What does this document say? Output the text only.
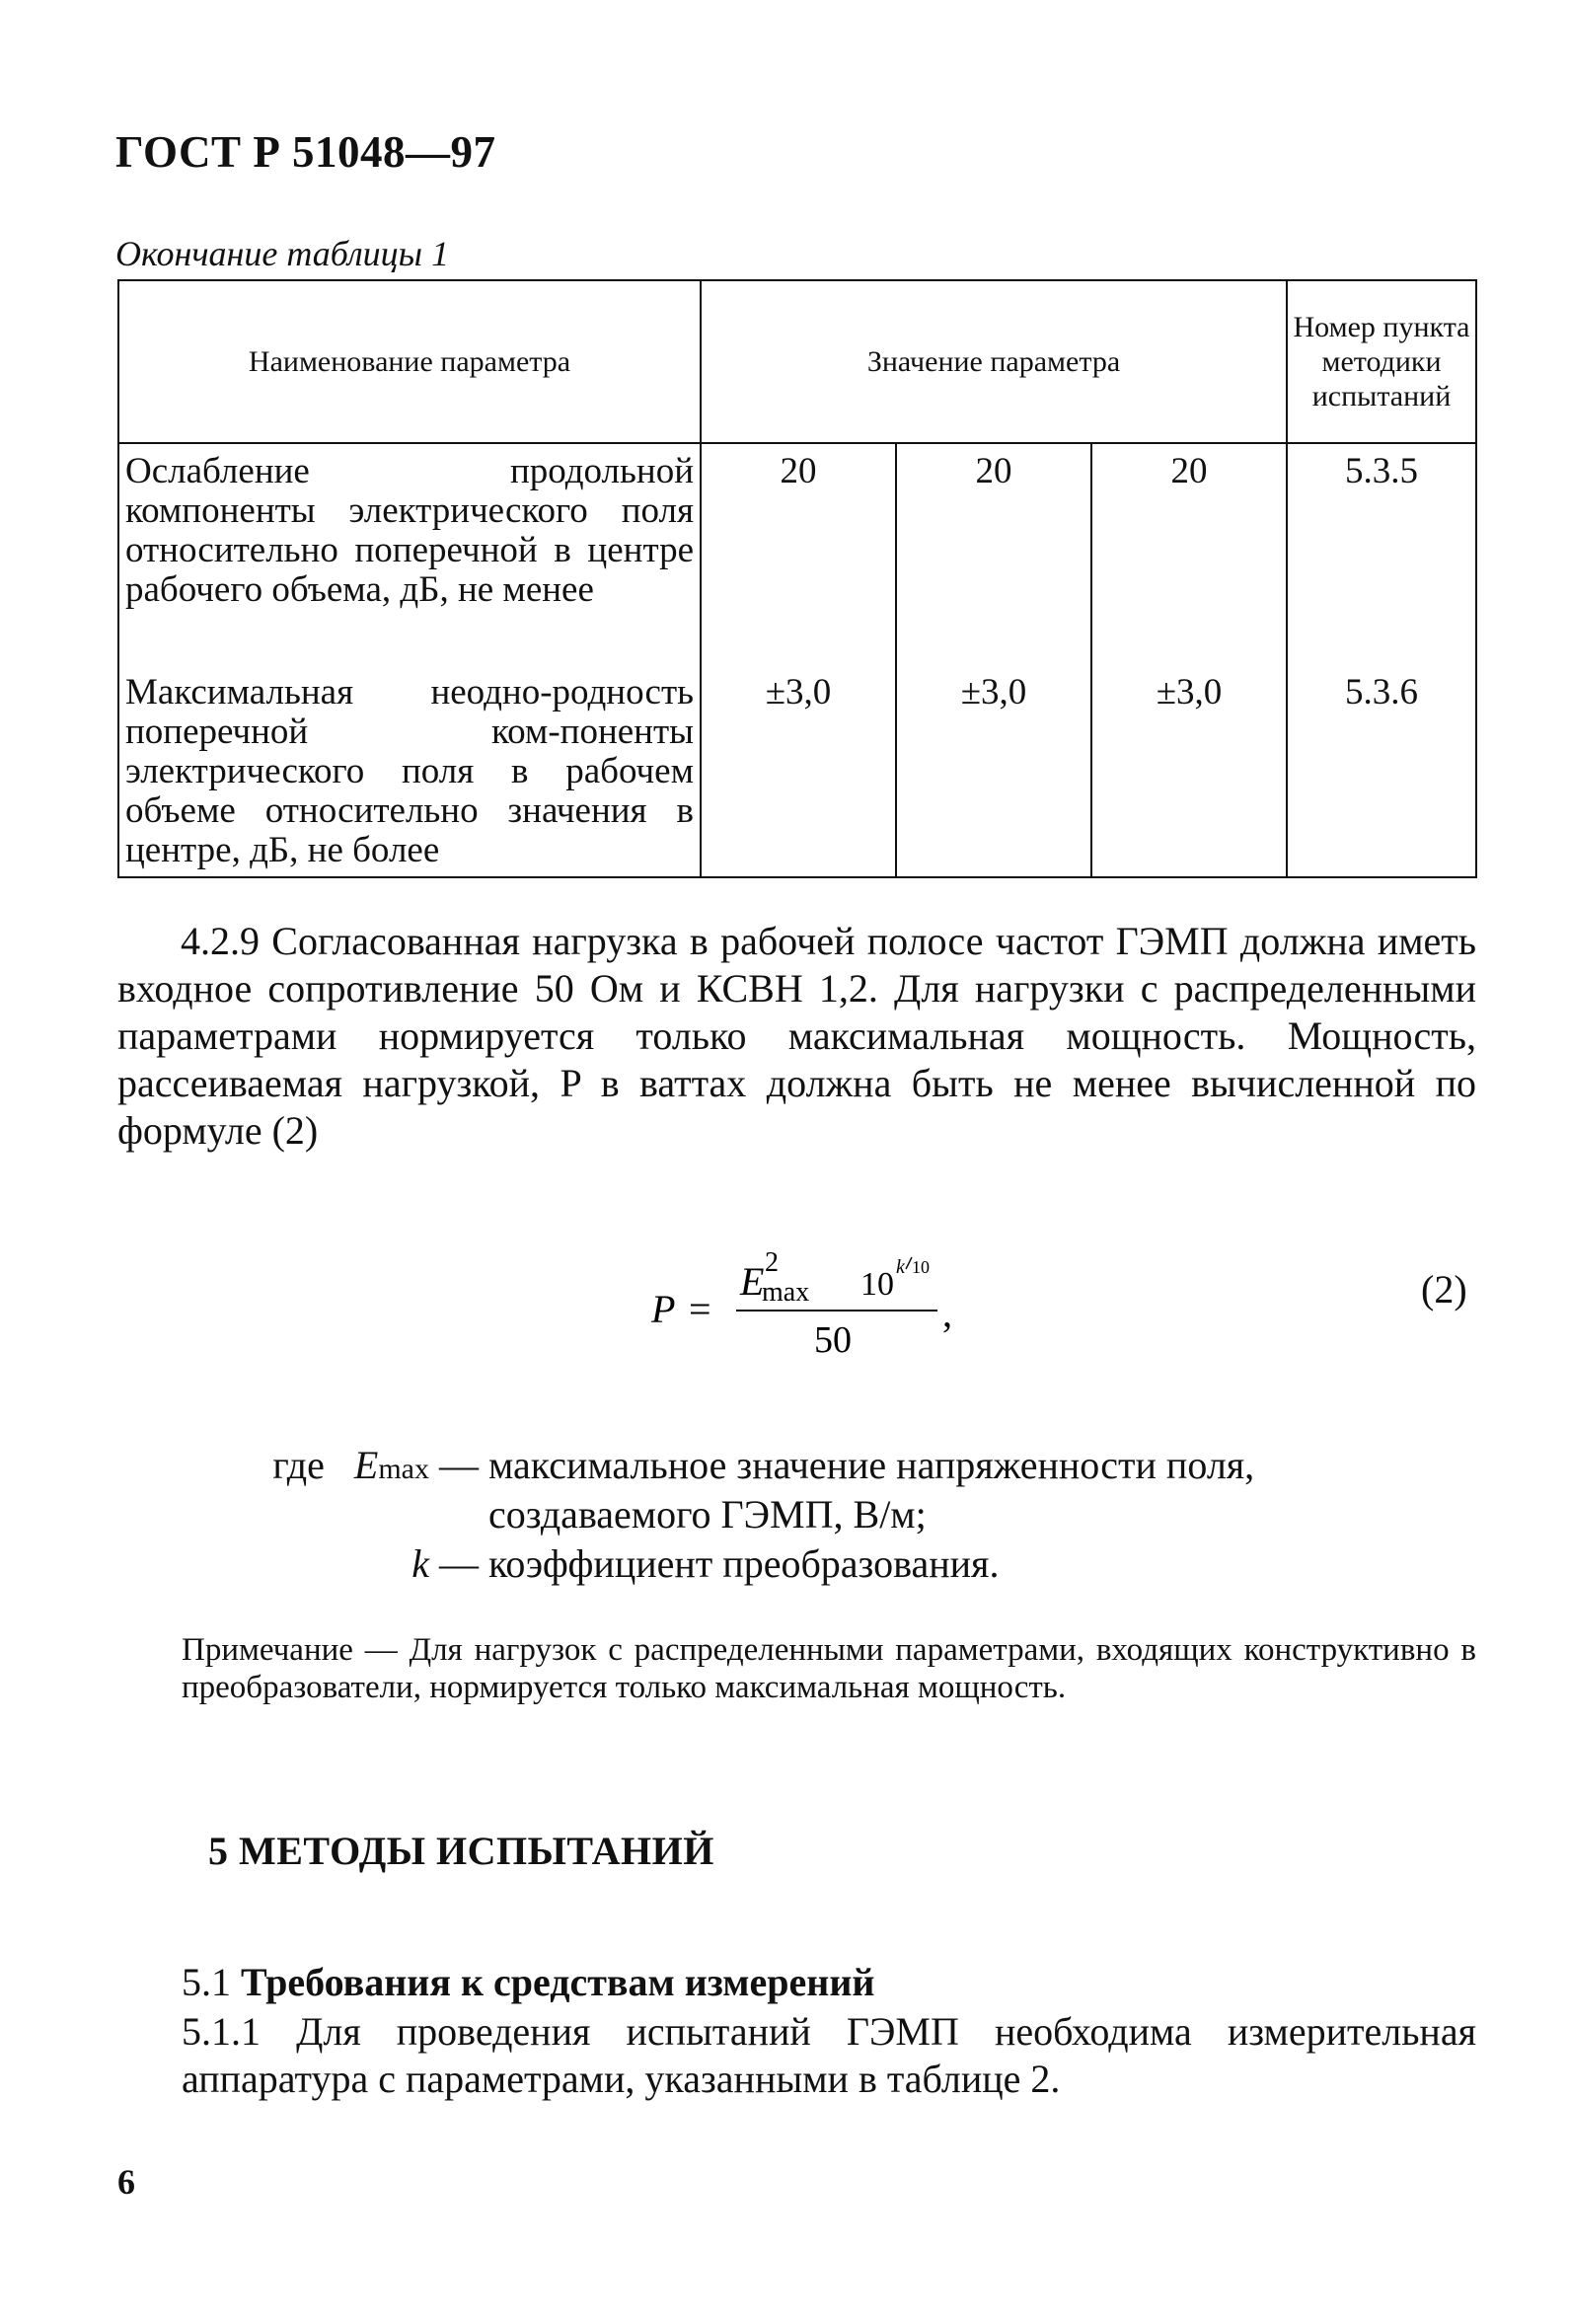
ГОСТ Р 51048—97
Окончание таблицы 1
Наименование параметра	Значение параметра			Номер пункта методики испытаний
Ослабление продольной компоненты электрического поля относительно поперечной в центре рабочего объема, дБ, не менее	20	20	20	5.3.5
Максимальная неодно-родность поперечной ком-поненты электрического поля в рабочем объеме относительно значения в центре, дБ, не более	±3,0	±3,0	±3,0	5.3.6
4.2.9 Согласованная нагрузка в рабочей полосе частот ГЭМП должна иметь входное сопротивление 50 Ом и КСВН 1,2. Для нагрузки с распределенными параметрами нормируется только максимальная мощность. Мощность, рассеиваемая нагрузкой, P в ваттах должна быть не менее вычисленной по формуле (2)
P =
E 2
max 10 k 10
50
,
(2)
где Emax — максимальное значение напряженности поля, создаваемого ГЭМП, В/м;
k — коэффициент преобразования.
Примечание — Для нагрузок с распределенными параметрами, входящих конструктивно в преобразователи, нормируется только максимальная мощность.
5 МЕТОДЫ ИСПЫТАНИЙ
5.1 Требования к средствам измерений
5.1.1 Для проведения испытаний ГЭМП необходима измерительная аппаратура с параметрами, указанными в таблице 2.
6
